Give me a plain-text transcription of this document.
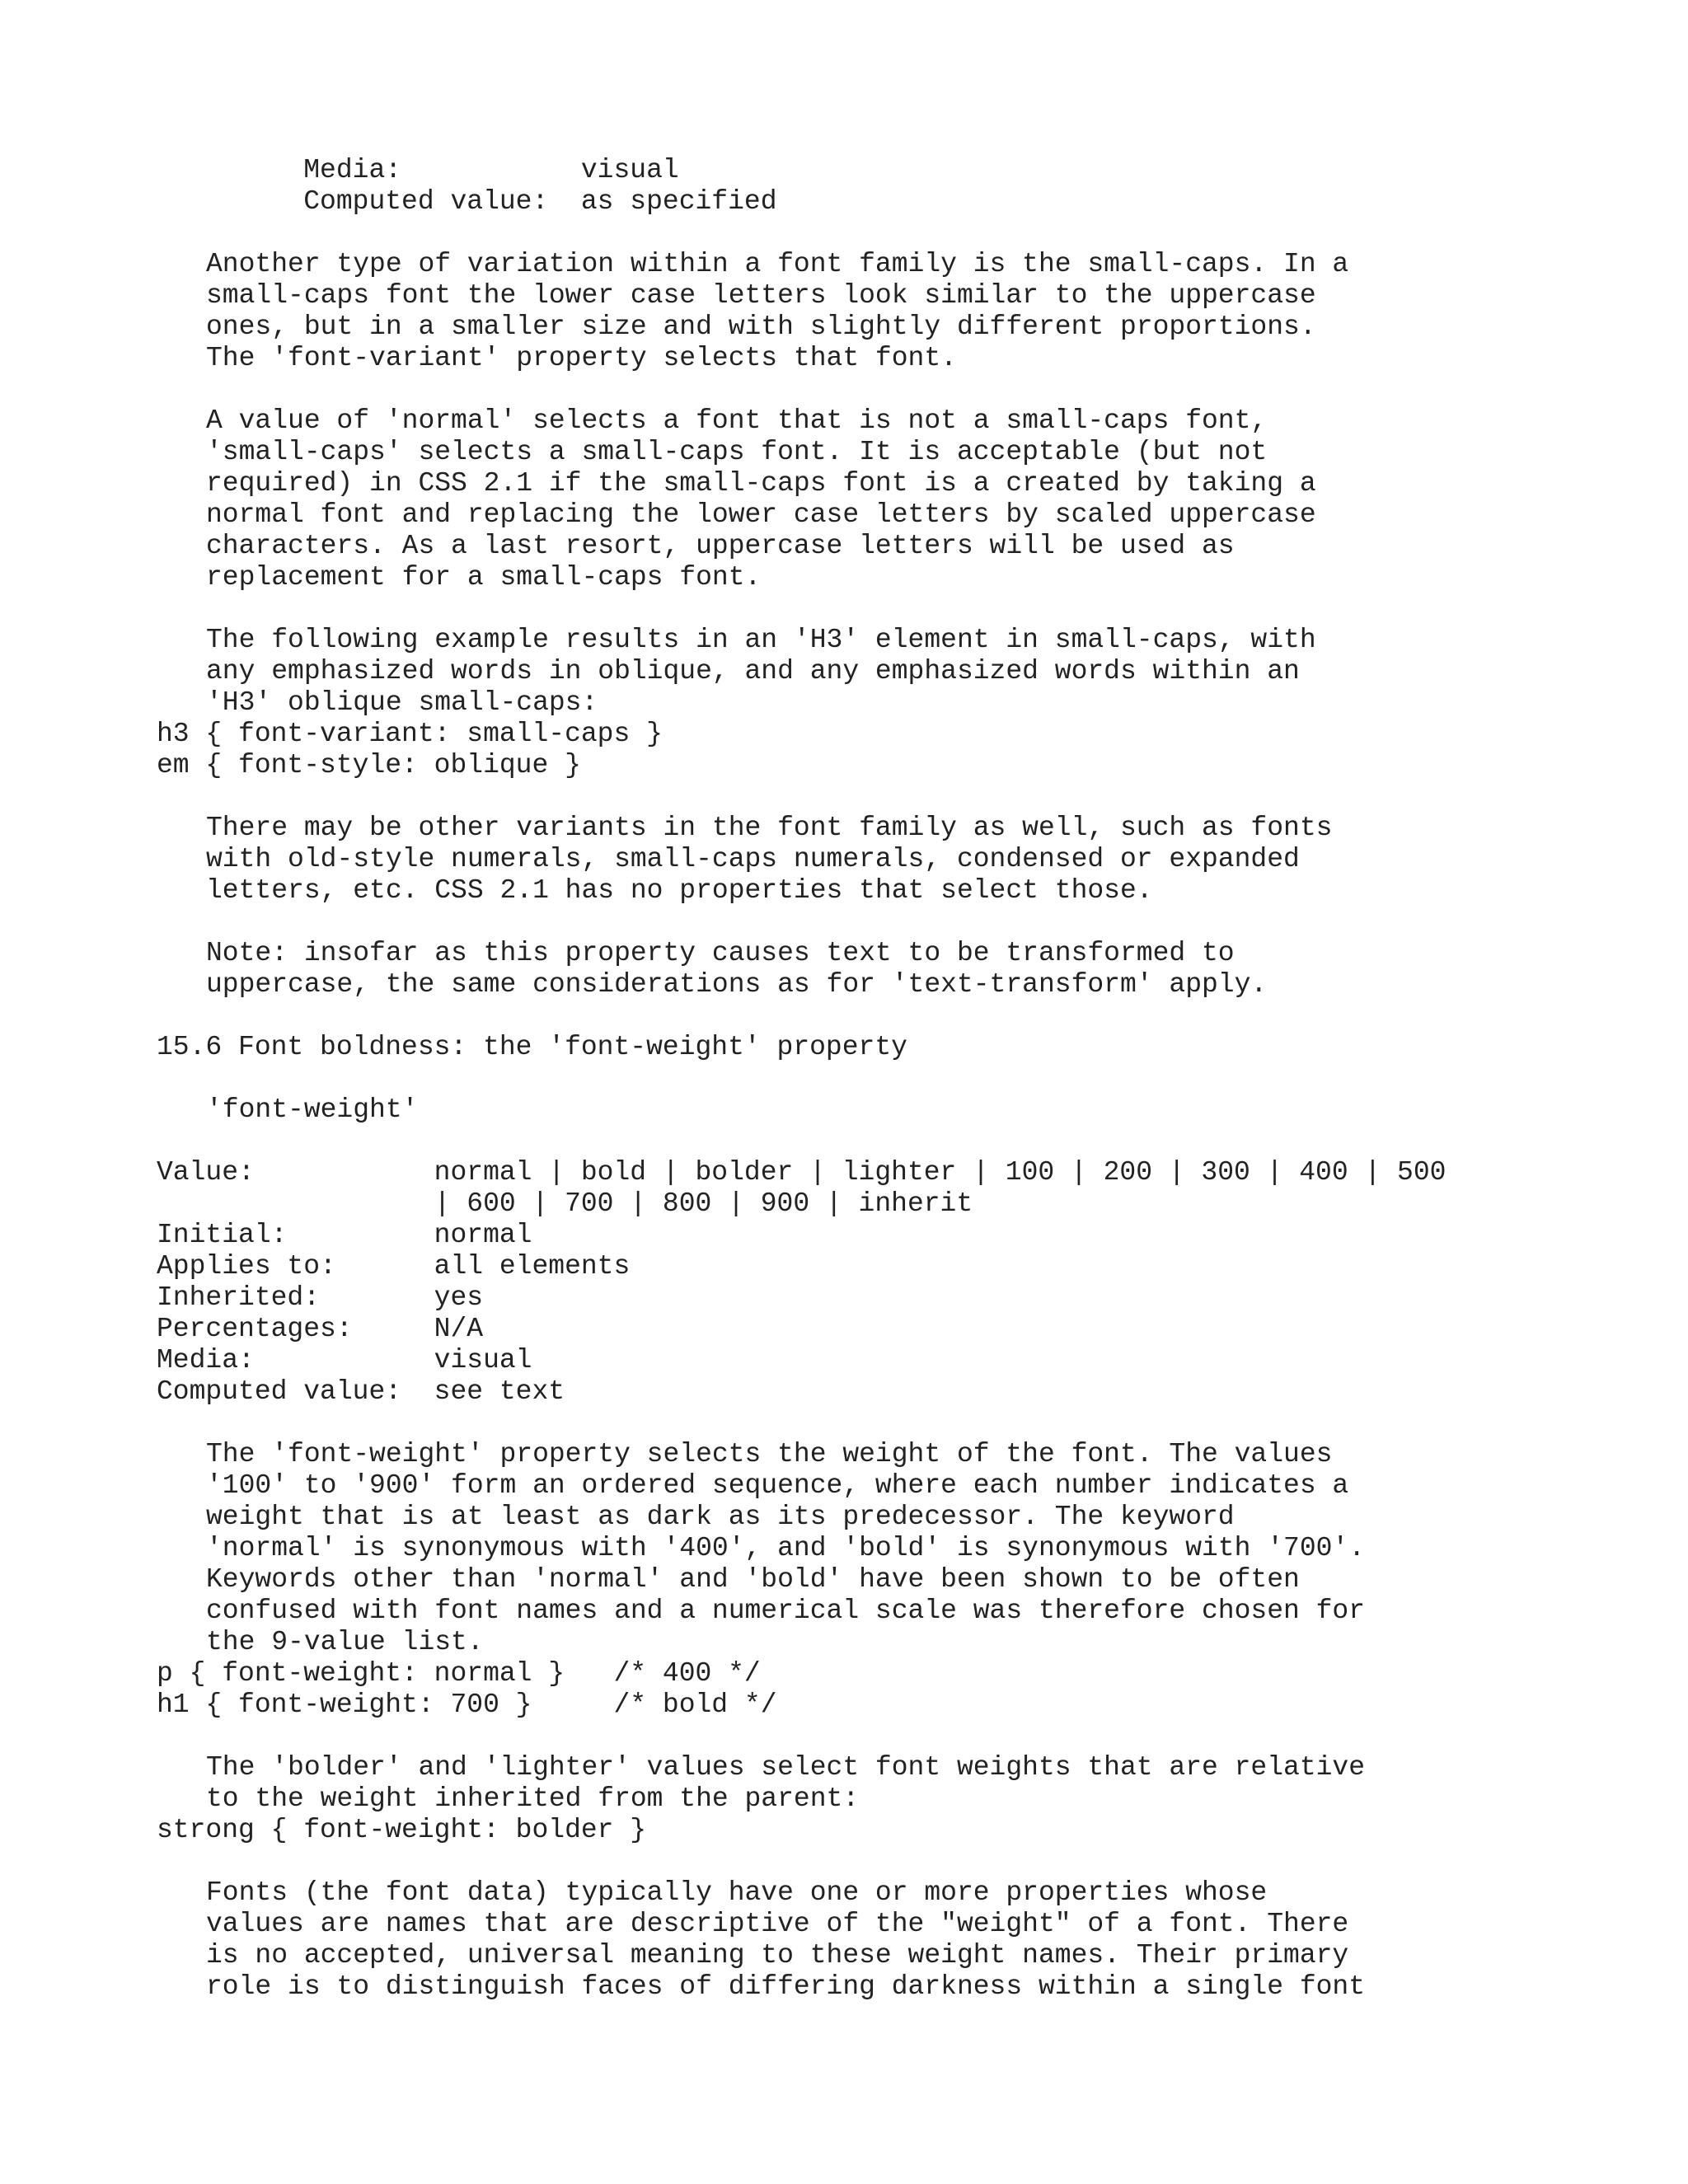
Media:           visual
Computed value:  as specified
Another type of variation within a font family is the small-caps. In a
small-caps font the lower case letters look similar to the uppercase
ones, but in a smaller size and with slightly different proportions.
The 'font-variant' property selects that font.
A value of 'normal' selects a font that is not a small-caps font,
'small-caps' selects a small-caps font. It is acceptable (but not
required) in CSS 2.1 if the small-caps font is a created by taking a
normal font and replacing the lower case letters by scaled uppercase
characters. As a last resort, uppercase letters will be used as
replacement for a small-caps font.
The following example results in an 'H3' element in small-caps, with
any emphasized words in oblique, and any emphasized words within an
'H3' oblique small-caps:
h3 { font-variant: small-caps }
em { font-style: oblique }
There may be other variants in the font family as well, such as fonts
with old-style numerals, small-caps numerals, condensed or expanded
letters, etc. CSS 2.1 has no properties that select those.
Note: insofar as this property causes text to be transformed to
uppercase, the same considerations as for 'text-transform' apply.
15.6 Font boldness: the 'font-weight' property
'font-weight'
Value:           normal | bold | bolder | lighter | 100 | 200 | 300 | 400 | 500
| 600 | 700 | 800 | 900 | inherit
Initial:         normal
Applies to:      all elements
Inherited:       yes
Percentages:     N/A
Media:           visual
Computed value:  see text
The 'font-weight' property selects the weight of the font. The values
'100' to '900' form an ordered sequence, where each number indicates a
weight that is at least as dark as its predecessor. The keyword
'normal' is synonymous with '400', and 'bold' is synonymous with '700'.
Keywords other than 'normal' and 'bold' have been shown to be often
confused with font names and a numerical scale was therefore chosen for
the 9-value list.
p { font-weight: normal }   /* 400 */
h1 { font-weight: 700 }     /* bold */
The 'bolder' and 'lighter' values select font weights that are relative
to the weight inherited from the parent:
strong { font-weight: bolder }
Fonts (the font data) typically have one or more properties whose
values are names that are descriptive of the "weight" of a font. There
is no accepted, universal meaning to these weight names. Their primary
role is to distinguish faces of differing darkness within a single font
